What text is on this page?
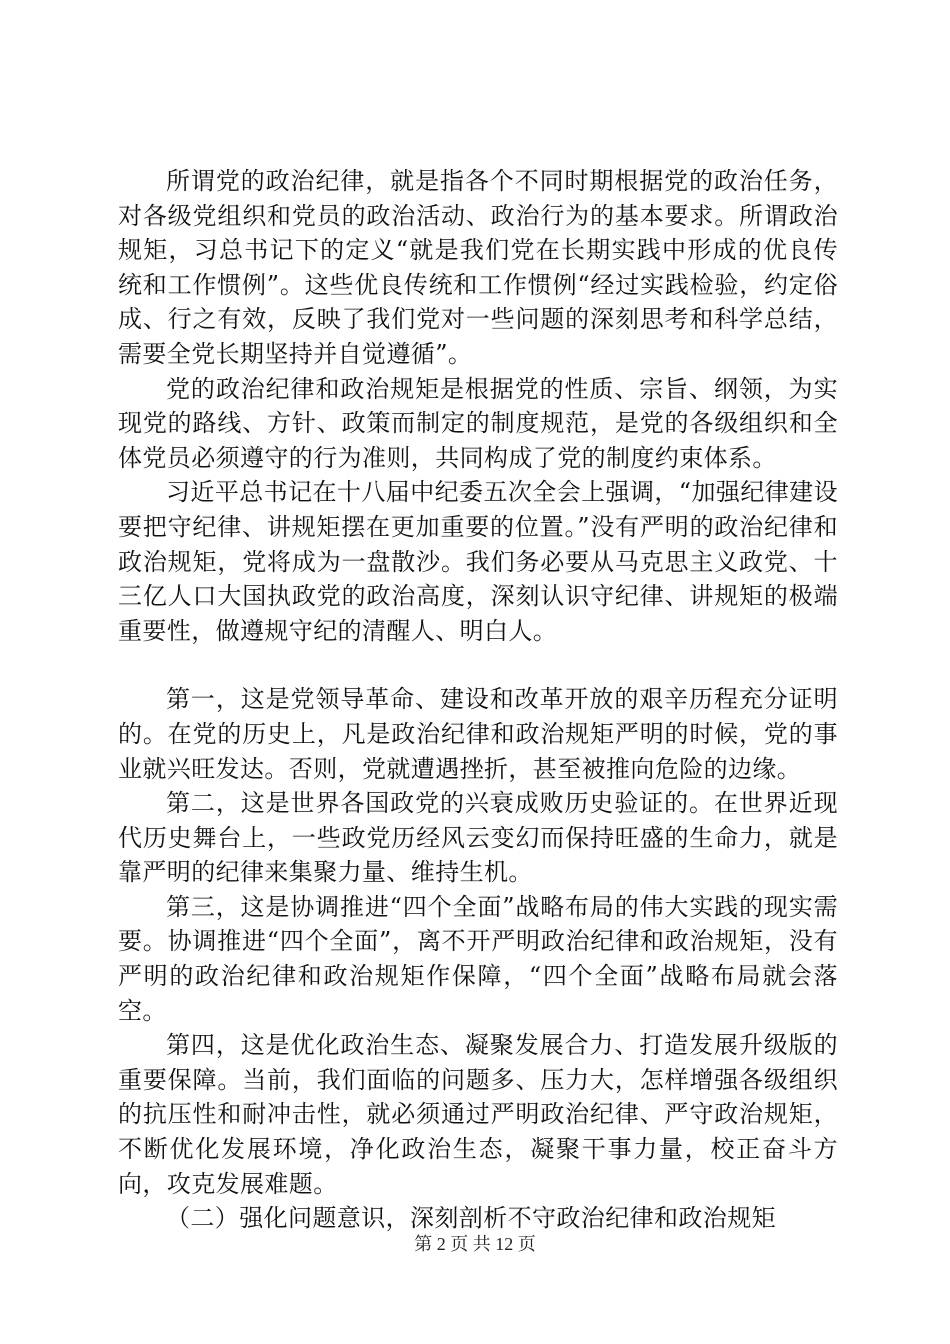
所谓党的政治纪律，就是指各个不同时期根据党的政治任务，对各级党组织和党员的政治活动、政治行为的基本要求。所谓政治规矩，习总书记下的定义“就是我们党在长期实践中形成的优良传统和工作惯例”。这些优良传统和工作惯例“经过实践检验，约定俗成、行之有效，反映了我们党对一些问题的深刻思考和科学总结，需要全党长期坚持并自觉遵循”。

党的政治纪律和政治规矩是根据党的性质、宗旨、纲领，为实现党的路线、方针、政策而制定的制度规范，是党的各级组织和全体党员必须遵守的行为准则，共同构成了党的制度约束体系。

习近平总书记在十八届中纪委五次全会上强调，“加强纪律建设要把守纪律、讲规矩摆在更加重要的位置。”没有严明的政治纪律和政治规矩，党将成为一盘散沙。我们务必要从马克思主义政党、十三亿人口大国执政党的政治高度，深刻认识守纪律、讲规矩的极端重要性，做遵规守纪的清醒人、明白人。

第一，这是党领导革命、建设和改革开放的艰辛历程充分证明的。在党的历史上，凡是政治纪律和政治规矩严明的时候，党的事业就兴旺发达。否则，党就遭遇挫折，甚至被推向危险的边缘。

第二，这是世界各国政党的兴衰成败历史验证的。在世界近现代历史舞台上，一些政党历经风云变幻而保持旺盛的生命力，就是靠严明的纪律来集聚力量、维持生机。

第三，这是协调推进“四个全面”战略布局的伟大实践的现实需要。协调推进“四个全面”，离不开严明政治纪律和政治规矩，没有严明的政治纪律和政治规矩作保障，“四个全面”战略布局就会落空。

第四，这是优化政治生态、凝聚发展合力、打造发展升级版的重要保障。当前，我们面临的问题多、压力大，怎样增强各级组织的抗压性和耐冲击性，就必须通过严明政治纪律、严守政治规矩，不断优化发展环境，净化政治生态，凝聚干事力量，校正奋斗方向，攻克发展难题。

（二）强化问题意识，深刻剖析不守政治纪律和政治规矩

第 2 页 共 12 页
